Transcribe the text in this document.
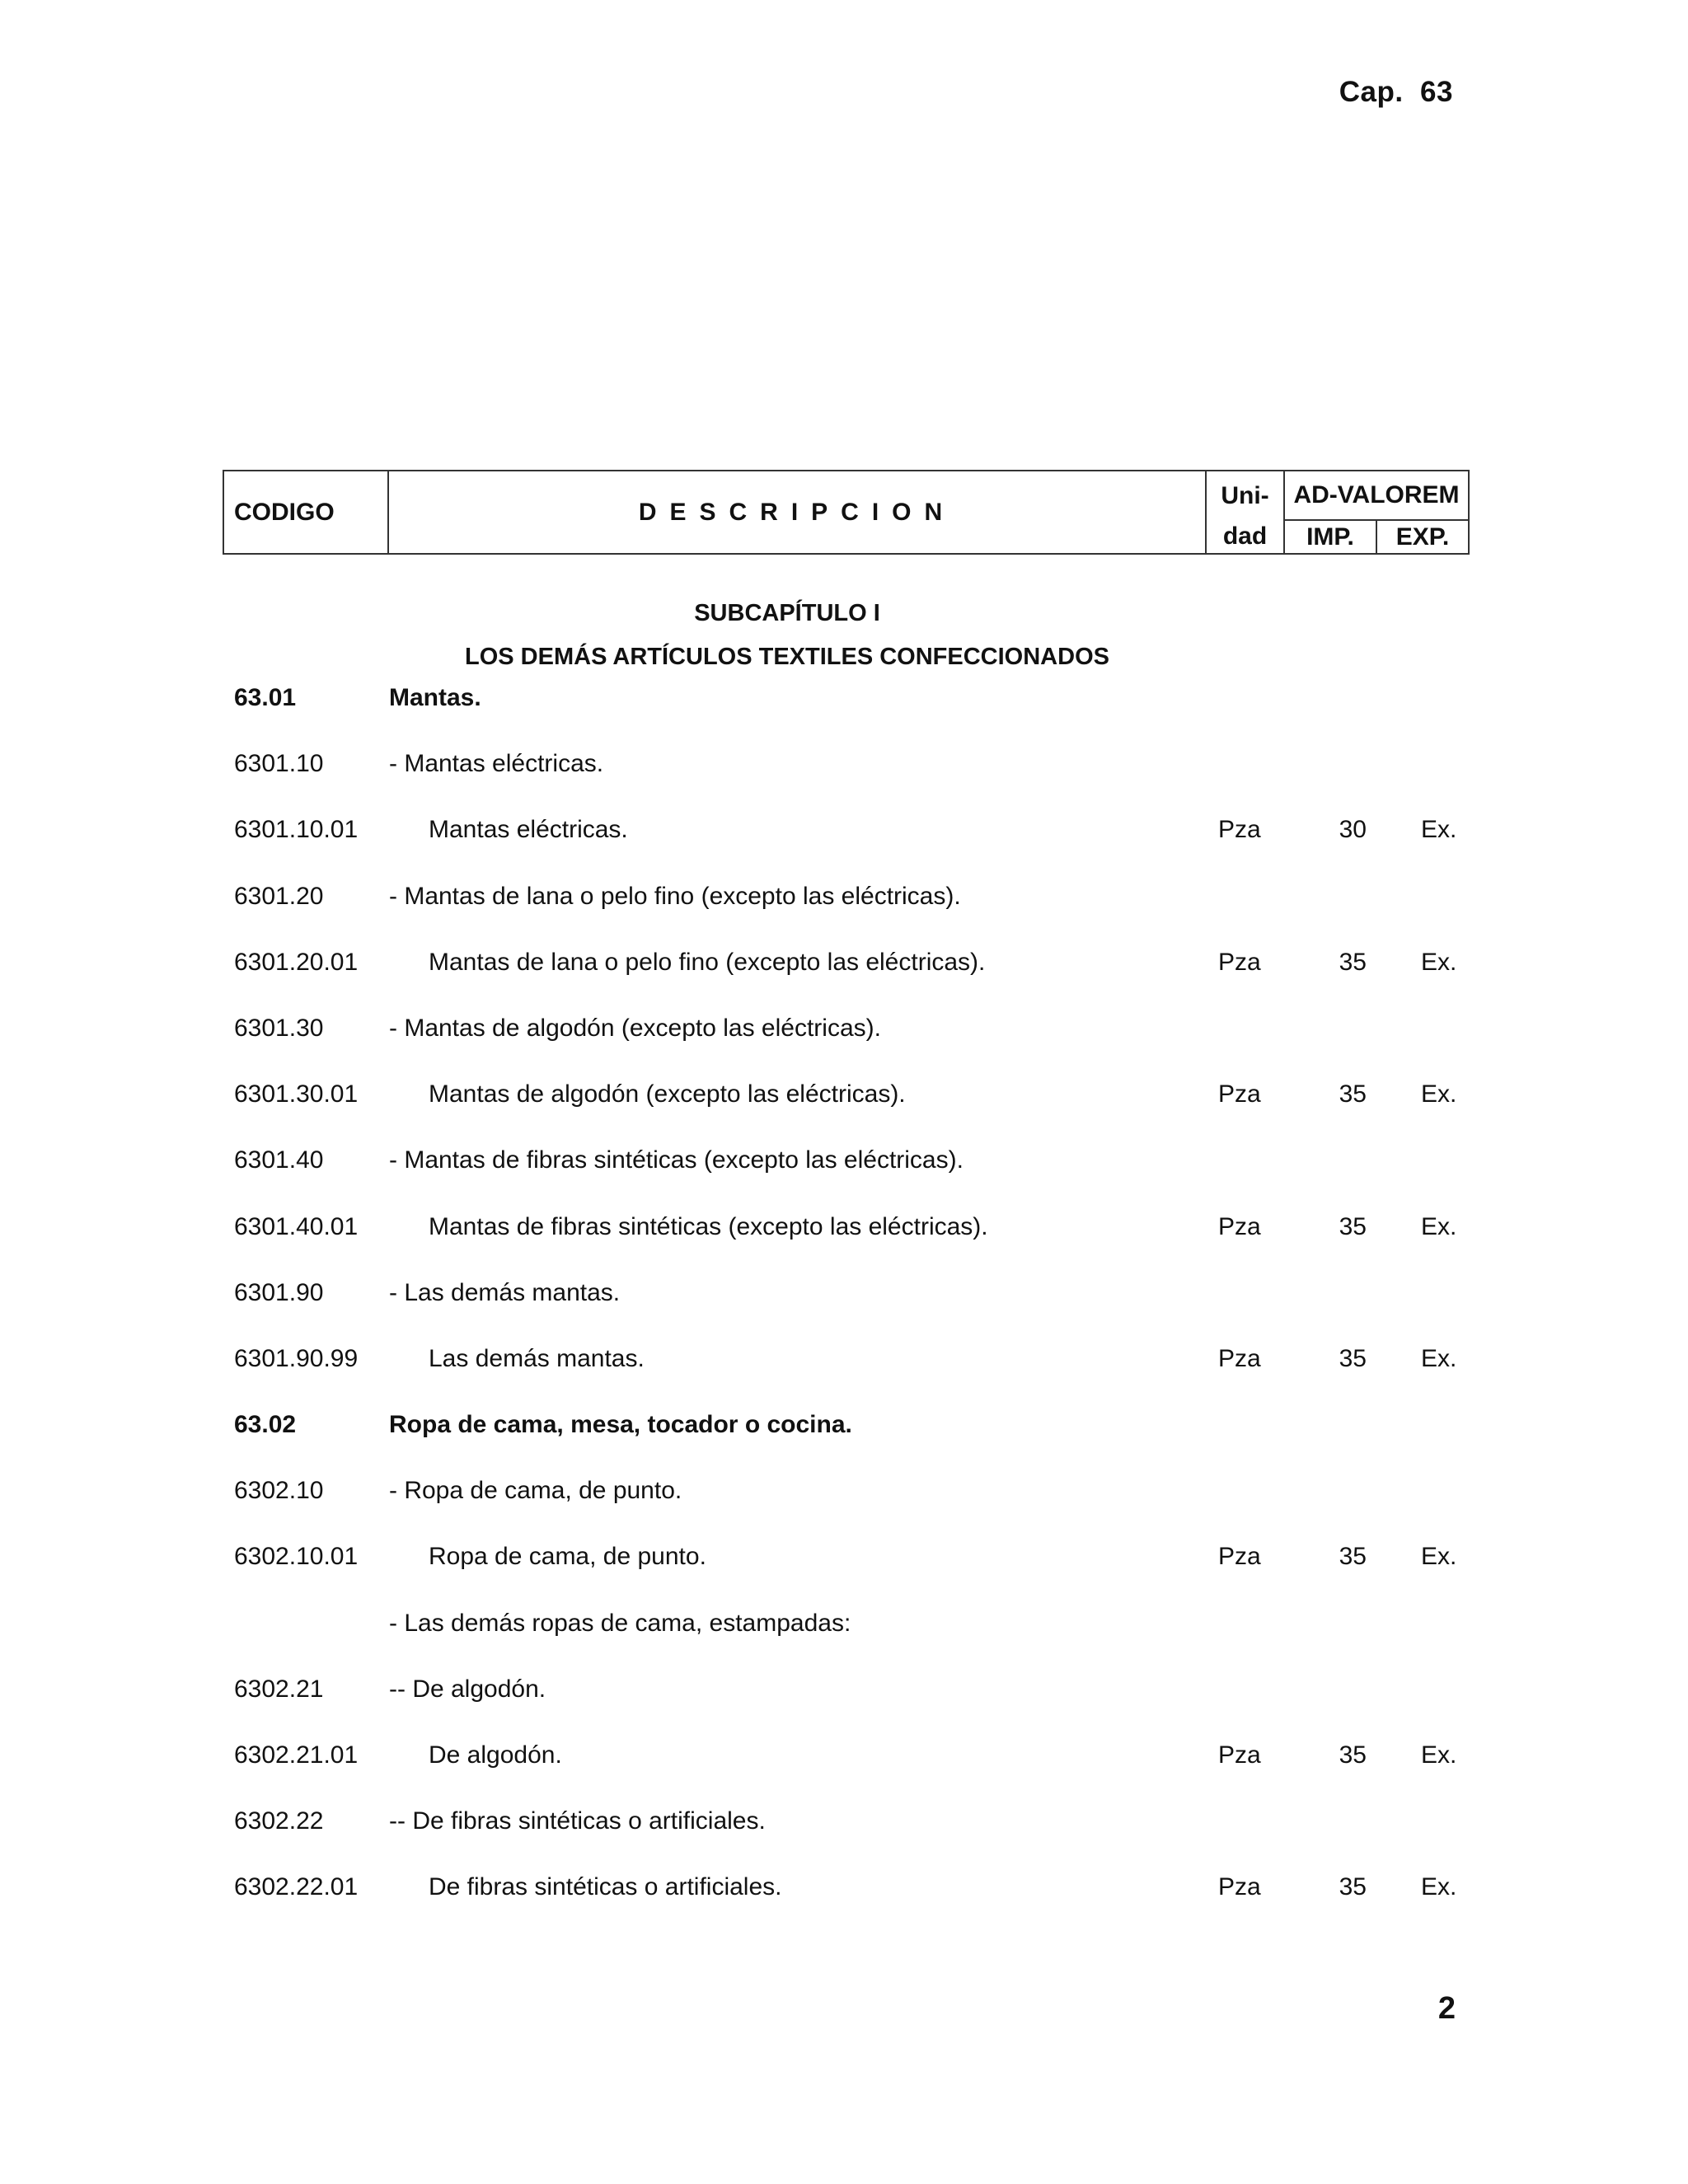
Cap.  63
CODIGO	DESCRIPCION	Uni-	AD-VALOREM	
		dad	IMP.	EXP.
SUBCAPÍTULO I
LOS DEMÁS ARTÍCULOS TEXTILES CONFECCIONADOS
63.01	Mantas.
6301.10	- Mantas eléctricas.
6301.10.01	Mantas eléctricas.	Pza	30 Ex.
6301.20	- Mantas de lana o pelo fino (excepto las eléctricas).
6301.20.01	Mantas de lana o pelo fino (excepto las eléctricas).	Pza	35 Ex.
6301.30	- Mantas de algodón (excepto las eléctricas).
6301.30.01	Mantas de algodón (excepto las eléctricas).	Pza	35 Ex.
6301.40	- Mantas de fibras sintéticas (excepto las eléctricas).
6301.40.01	Mantas de fibras sintéticas (excepto las eléctricas).	Pza	35 Ex.
6301.90	- Las demás mantas.
6301.90.99	Las demás mantas.	Pza	35 Ex.
63.02	Ropa de cama, mesa, tocador o cocina.
6302.10	- Ropa de cama, de punto.
6302.10.01	Ropa de cama, de punto.	Pza	35 Ex.
- Las demás ropas de cama, estampadas:
6302.21	-- De algodón.
6302.21.01	De algodón.	Pza	35 Ex.
6302.22	-- De fibras sintéticas o artificiales.
6302.22.01	De fibras sintéticas o artificiales.	Pza	35 Ex.
2
